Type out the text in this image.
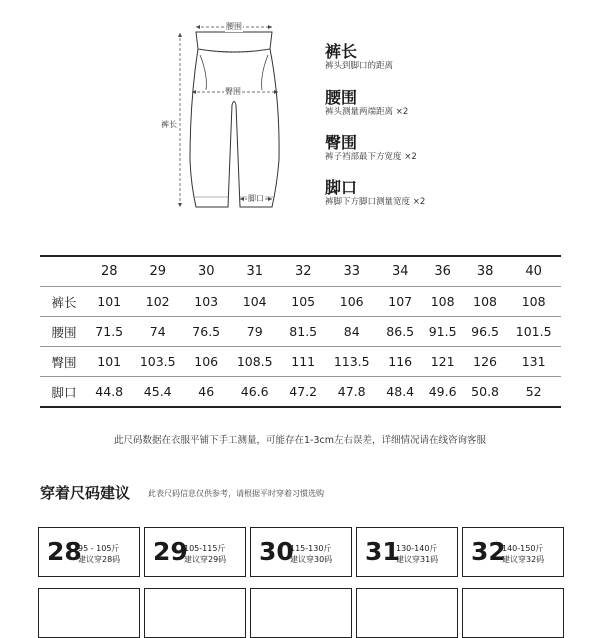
腰围
臀围
裤长
脚口
裤长
裤头到脚口的距离
腰围
裤头测量两端距离 ×2
臀围
裤子裆部最下方宽度 ×2
脚口
裤脚下方脚口测量宽度 ×2
	28	29	30	31	32	33	34	36	38	40
裤长	101	102	103	104	105	106	107	108	108	108
腰围	71.5	74	76.5	79	81.5	84	86.5	91.5	96.5	101.5
臀围	101	103.5	106	108.5	111	113.5	116	121	126	131
脚口	44.8	45.4	46	46.6	47.2	47.8	48.4	49.6	50.8	52
此尺码数据在衣服平铺下手工测量，可能存在1-3cm左右误差，详细情况请在线咨询客服
穿着尺码建议 此表尺码信息仅供参考，请根据平时穿着习惯选购
28
95 - 105斤
建议穿28码 29
105-115斤
建议穿29码 30
115-130斤
建议穿30码 31
130-140斤
建议穿31码 32
140-150斤
建议穿32码
